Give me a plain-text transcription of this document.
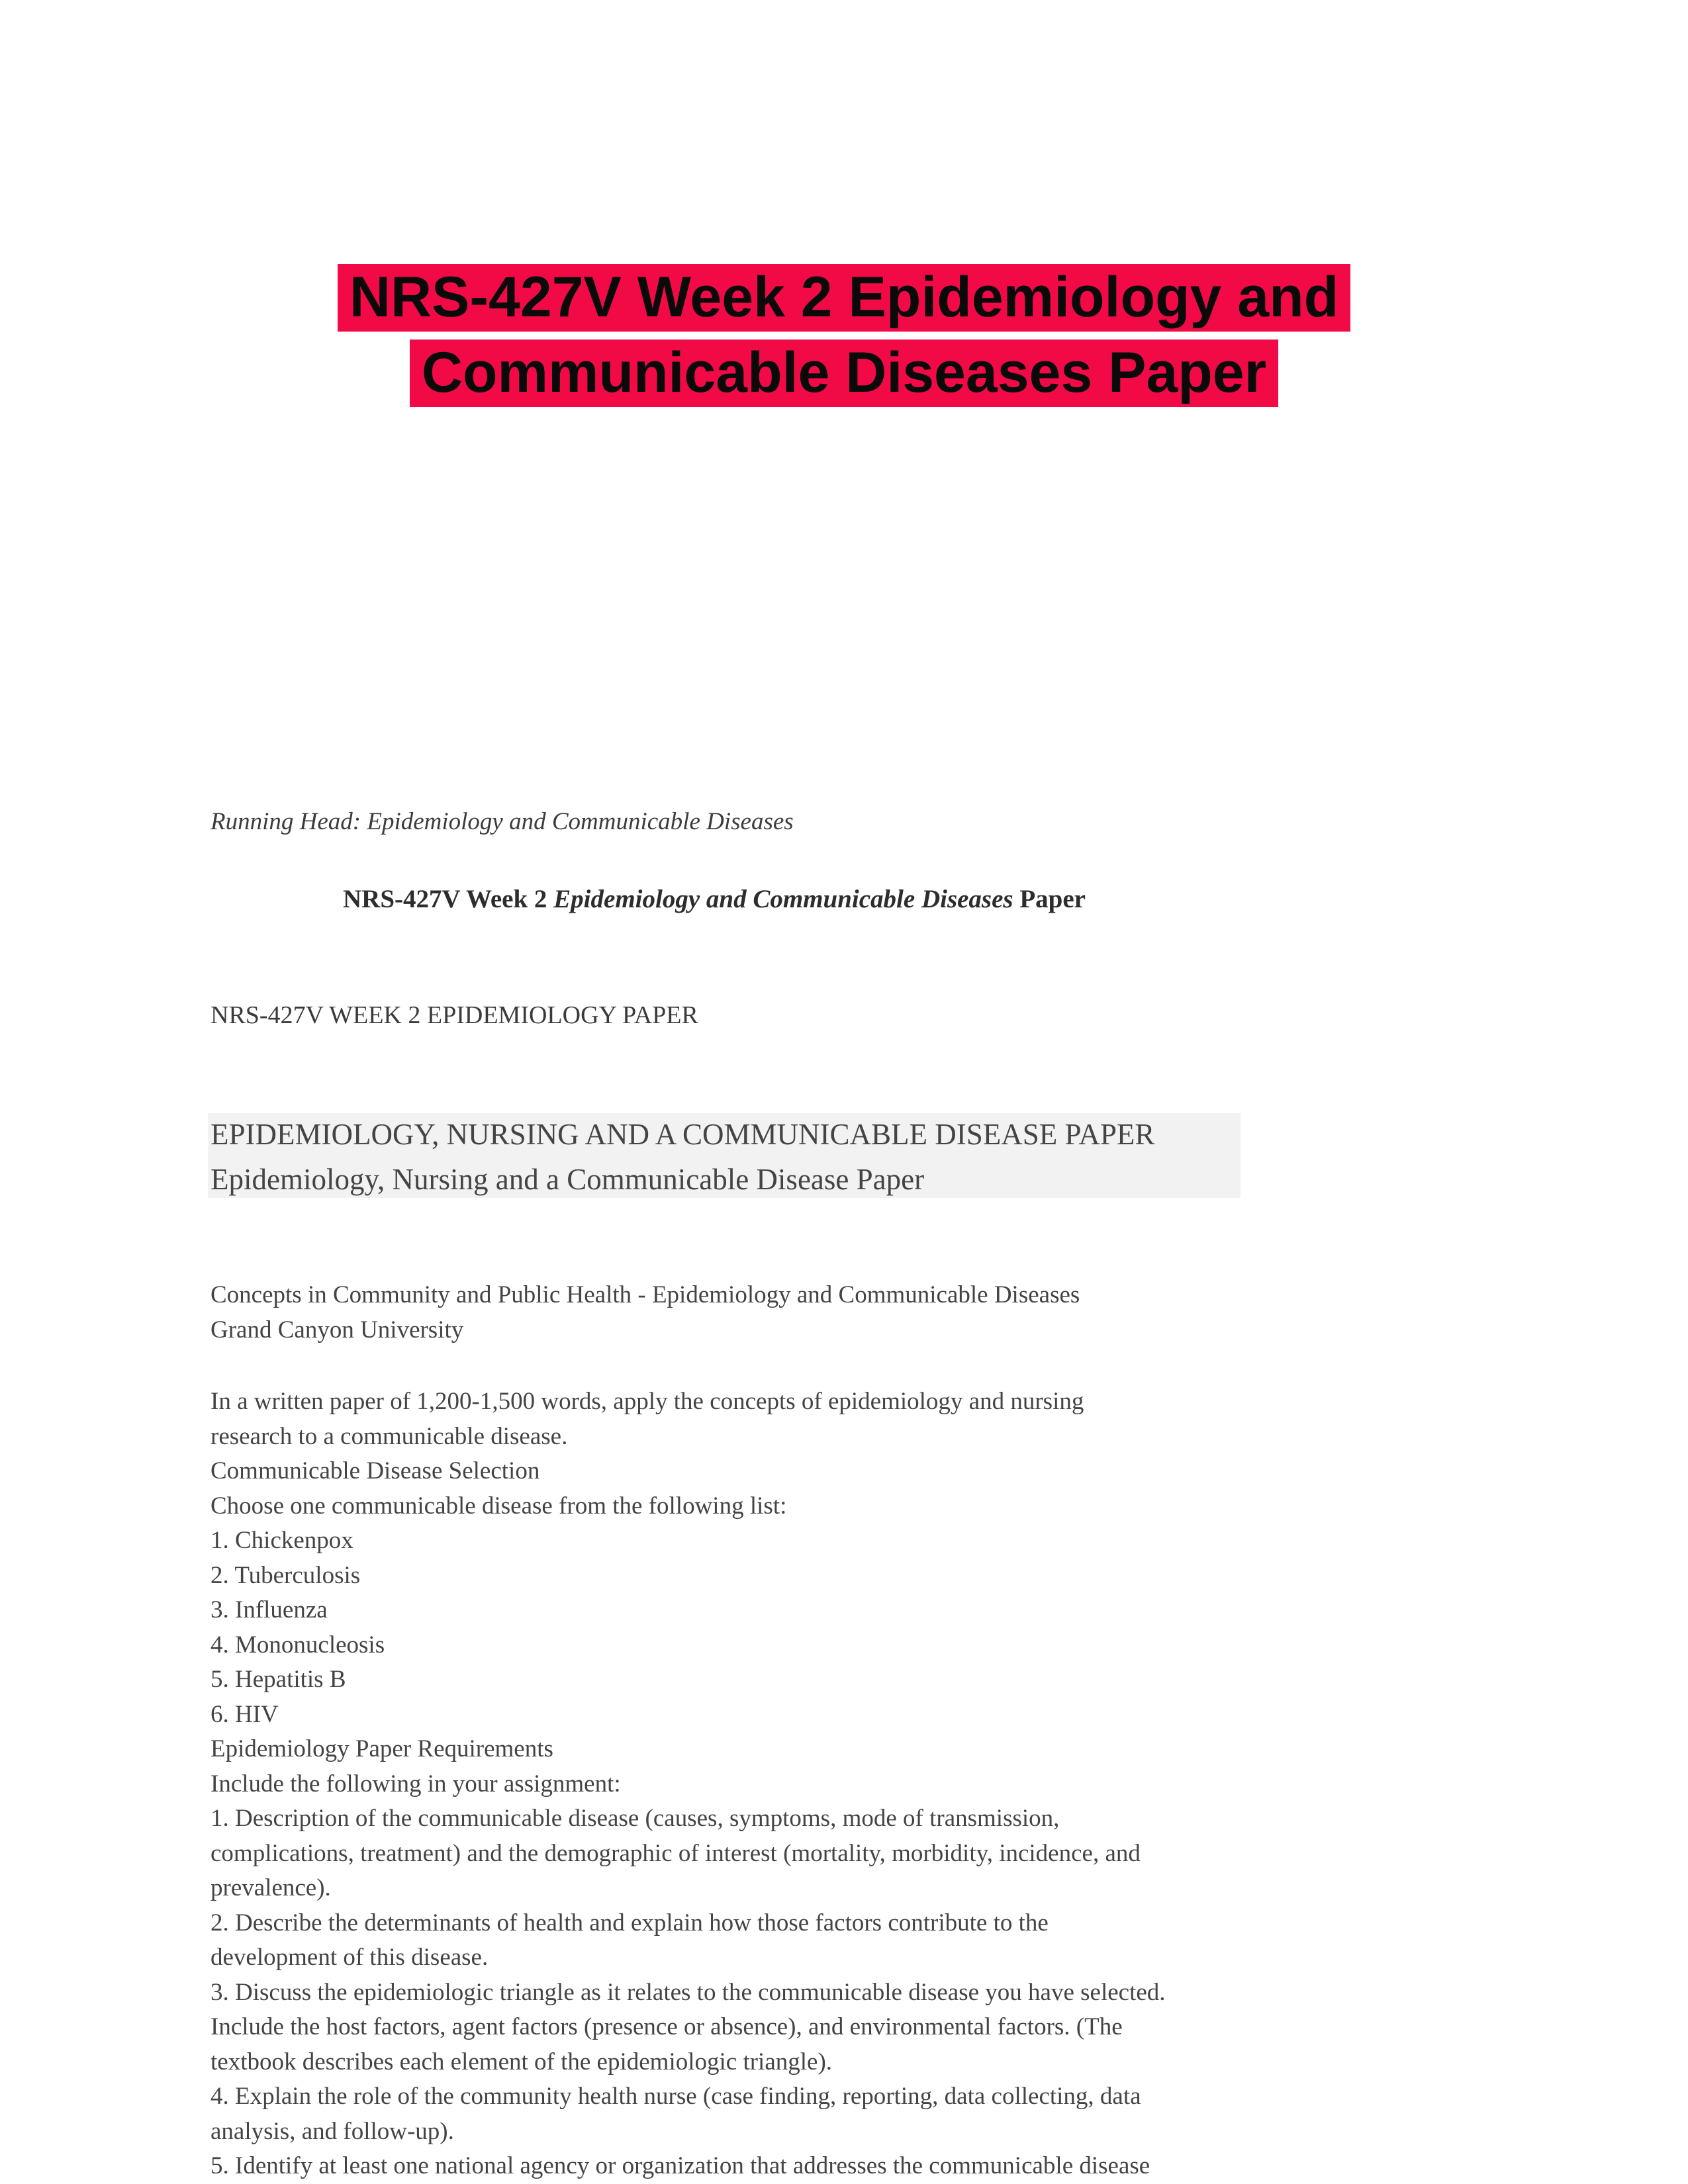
NRS-427V Week 2 Epidemiology and
Communicable Diseases Paper
Running Head: Epidemiology and Communicable Diseases
NRS-427V Week 2 Epidemiology and Communicable Diseases Paper
NRS-427V WEEK 2 EPIDEMIOLOGY PAPER
EPIDEMIOLOGY, NURSING AND A COMMUNICABLE DISEASE PAPER
Epidemiology, Nursing and a Communicable Disease Paper
Concepts in Community and Public Health - Epidemiology and Communicable Diseases
Grand Canyon University
In a written paper of 1,200-1,500 words, apply the concepts of epidemiology and nursing
research to a communicable disease.
Communicable Disease Selection
Choose one communicable disease from the following list:
1. Chickenpox
2. Tuberculosis
3. Influenza
4. Mononucleosis
5. Hepatitis B
6. HIV
Epidemiology Paper Requirements
Include the following in your assignment:
1. Description of the communicable disease (causes, symptoms, mode of transmission,
complications, treatment) and the demographic of interest (mortality, morbidity, incidence, and
prevalence).
2. Describe the determinants of health and explain how those factors contribute to the
development of this disease.
3. Discuss the epidemiologic triangle as it relates to the communicable disease you have selected.
Include the host factors, agent factors (presence or absence), and environmental factors. (The
textbook describes each element of the epidemiologic triangle).
4. Explain the role of the community health nurse (case finding, reporting, data collecting, data
analysis, and follow-up).
5. Identify at least one national agency or organization that addresses the communicable disease
